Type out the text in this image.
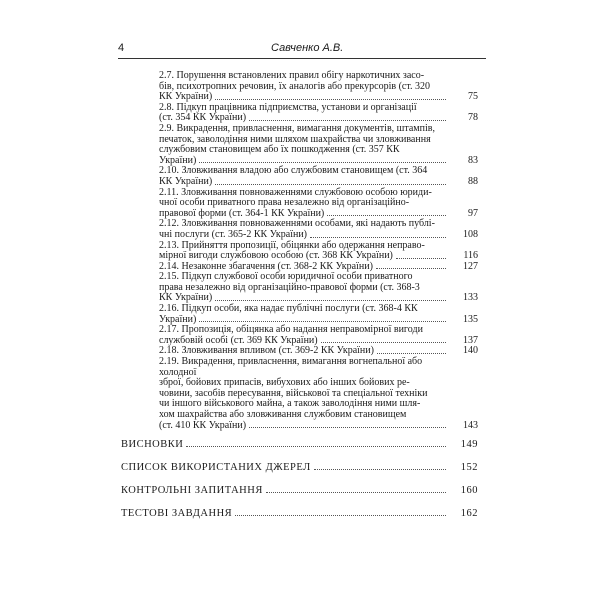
4	Савченко А.В.
2.7. Порушення встановлених правил обігу наркотичних засо-
бів, психотропних речовин, їх аналогів або прекурсорів (ст. 320
КК України)	75
2.8. Підкуп працівника підприємства, установи и організації
(ст. 354 КК України)	78
2.9. Викрадення, привласнення, вимагання документів, штампів,
печаток, заволодіння ними шляхом шахрайства чи зловживання
службовим становищем або їх пошкодження (ст. 357 КК
України)	83
2.10. Зловживання владою або службовим становищем (ст. 364
КК України)	88
2.11. Зловживання повноваженнями службовою особою юриди-
чної особи приватного права незалежно від організаційно-
правової форми (ст. 364-1 КК України)	97
2.12. Зловживання повноваженнями особами, які надають публі-
чні послуги (ст. 365-2 КК України)	108
2.13. Прийняття пропозиції, обіцянки або одержання неправо-
мірної вигоди службовою особою (ст. 368 КК України)	116
2.14. Незаконне збагачення (ст. 368-2 КК України)	127
2.15. Підкуп службової особи юридичної особи приватного
права незалежно від організаційно-правової форми (ст. 368-3
КК України)	133
2.16. Підкуп особи, яка надає публічні послуги (ст. 368-4 КК
України)	135
2.17. Пропозиція, обіцянка або надання неправомірної вигоди
службовій особі (ст. 369 КК України)	137
2.18. Зловживання впливом (ст. 369-2 КК України)	140
2.19. Викрадення, привласнення, вимагання вогнепальної або холодної
зброї, бойових припасів, вибухових або інших бойових ре-
човини, засобів пересування, військової та спеціальної техніки
чи іншого військового майна, а також заволодіння ними шля-
хом шахрайства або зловживання службовим становищем
(ст. 410 КК України)	143
ВИСНОВКИ	149
СПИСОК ВИКОРИСТАНИХ ДЖЕРЕЛ	152
КОНТРОЛЬНІ ЗАПИТАННЯ	160
ТЕСТОВІ ЗАВДАННЯ	162
